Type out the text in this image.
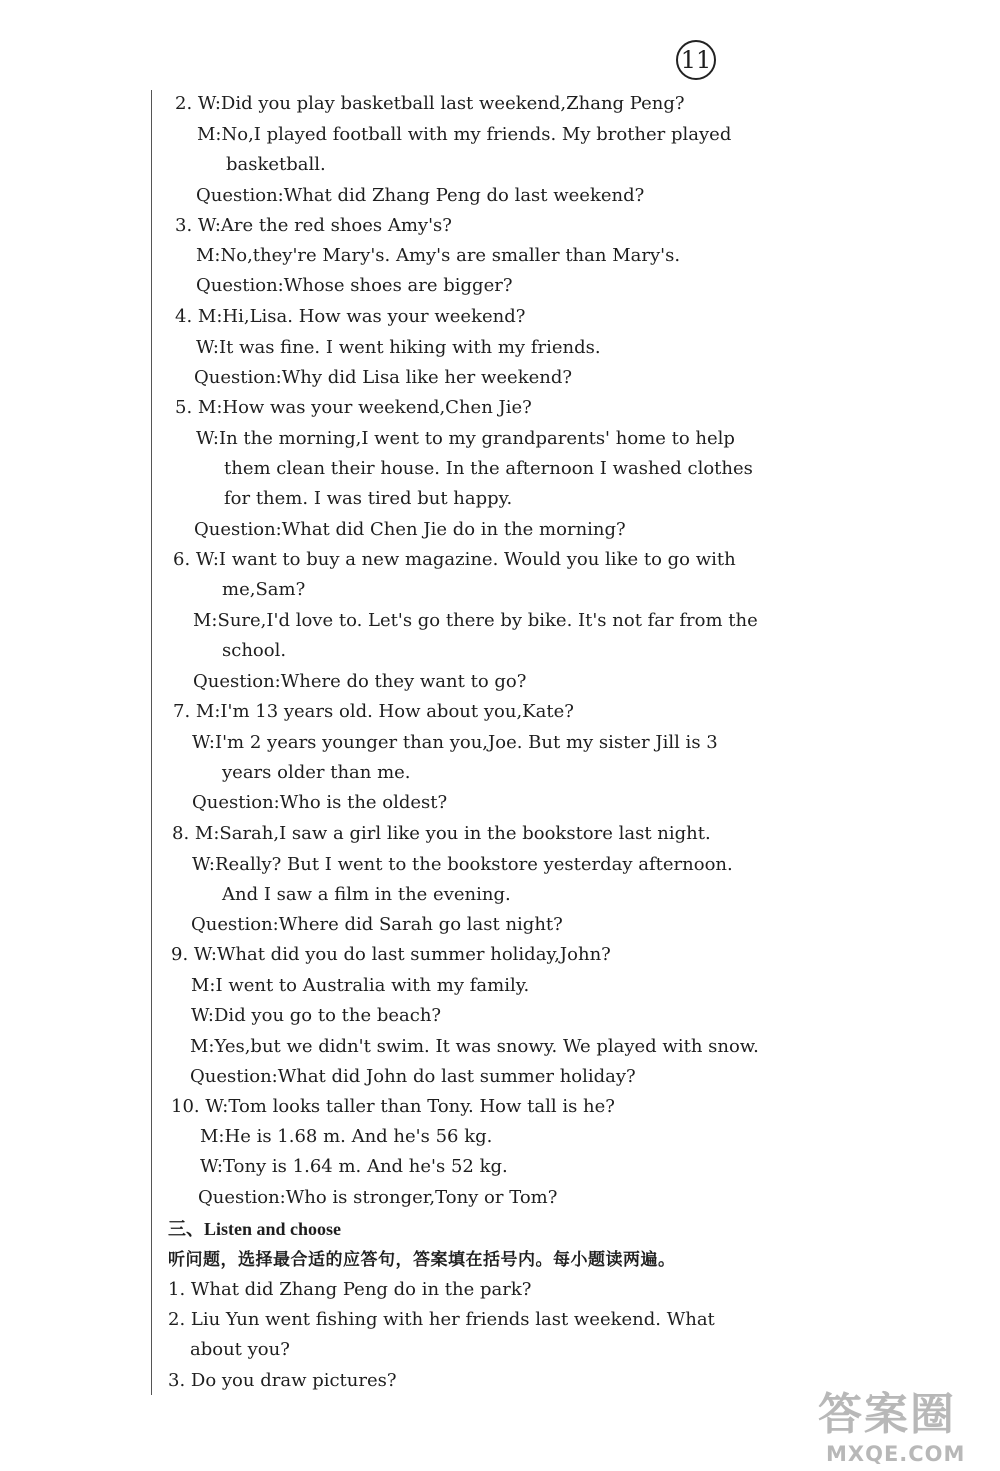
11
2. W:Did you play basketball last weekend,Zhang Peng?
M:No,I played football with my friends. My brother played
basketball.
Question:What did Zhang Peng do last weekend?
3. W:Are the red shoes Amy's?
M:No,they're Mary's. Amy's are smaller than Mary's.
Question:Whose shoes are bigger?
4. M:Hi,Lisa. How was your weekend?
W:It was fine. I went hiking with my friends.
Question:Why did Lisa like her weekend?
5. M:How was your weekend,Chen Jie?
W:In the morning,I went to my grandparents' home to help
them clean their house. In the afternoon I washed clothes
for them. I was tired but happy.
Question:What did Chen Jie do in the morning?
6. W:I want to buy a new magazine. Would you like to go with
me,Sam?
M:Sure,I'd love to. Let's go there by bike. It's not far from the
school.
Question:Where do they want to go?
7. M:I'm 13 years old. How about you,Kate?
W:I'm 2 years younger than you,Joe. But my sister Jill is 3
years older than me.
Question:Who is the oldest?
8. M:Sarah,I saw a girl like you in the bookstore last night.
W:Really? But I went to the bookstore yesterday afternoon.
And I saw a film in the evening.
Question:Where did Sarah go last night?
9. W:What did you do last summer holiday,John?
M:I went to Australia with my family.
W:Did you go to the beach?
M:Yes,but we didn't swim. It was snowy. We played with snow.
Question:What did John do last summer holiday?
10. W:Tom looks taller than Tony. How tall is he?
M:He is 1.68 m. And he's 56 kg.
W:Tony is 1.64 m. And he's 52 kg.
Question:Who is stronger,Tony or Tom?
三、Listen and choose
听问题，选择最合适的应答句，答案填在括号内。每小题读两遍。
1. What did Zhang Peng do in the park?
2. Liu Yun went fishing with her friends last weekend. What
about you?
3. Do you draw pictures?
答案圈
MXQE.COM
